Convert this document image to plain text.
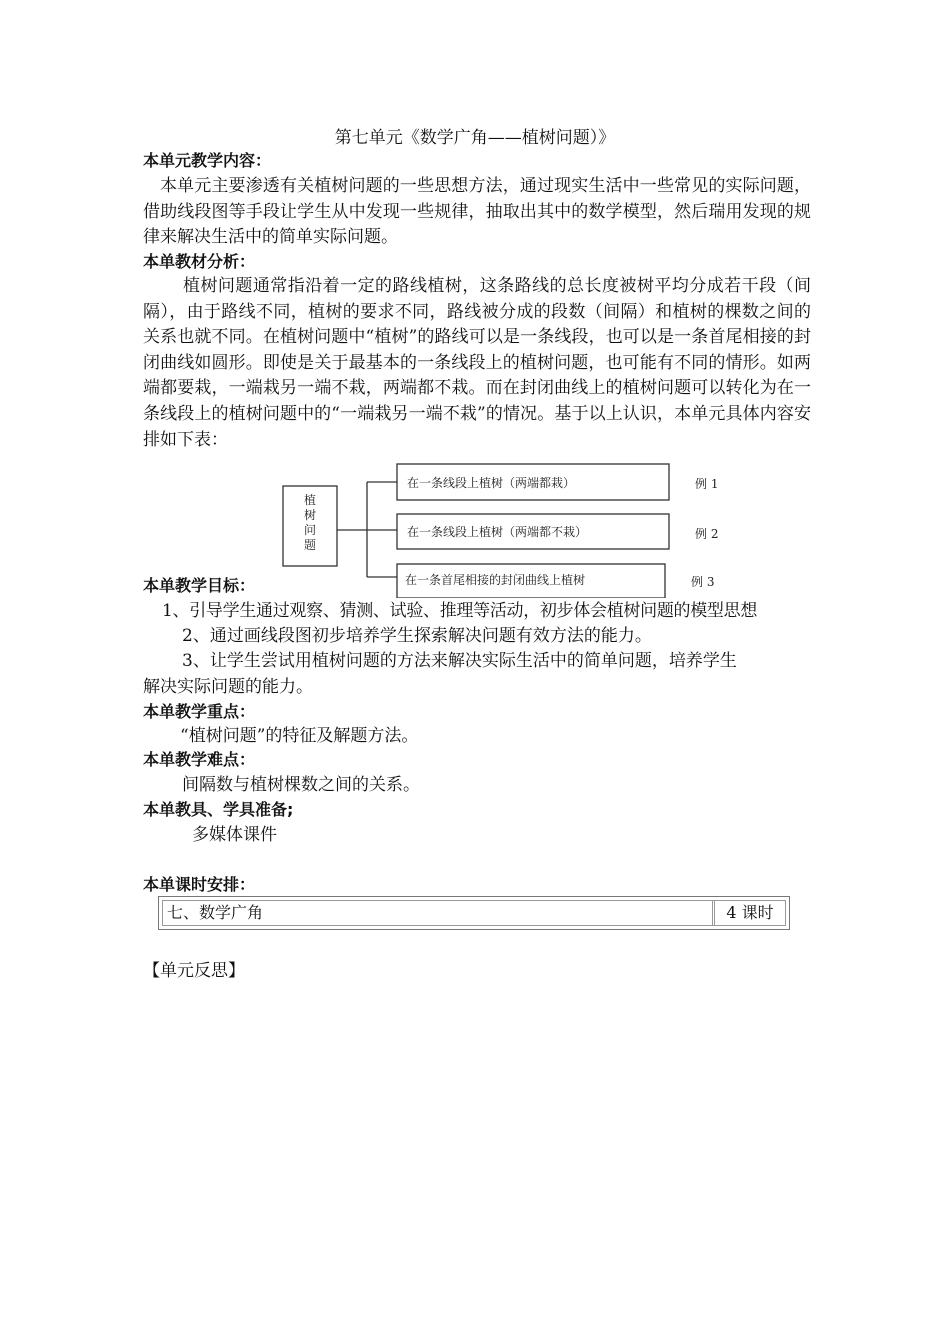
第七单元《数学广角——植树问题）》
本单元教学内容：
本单元主要渗透有关植树问题的一些思想方法，通过现实生活中一些常见的实际问题，借助线段图等手段让学生从中发现一些规律，抽取出其中的数学模型，然后瑞用发现的规律来解决生活中的简单实际问题。
本单教材分析：
植树问题通常指沿着一定的路线植树，这条路线的总长度被树平均分成若干段（间隔），由于路线不同，植树的要求不同，路线被分成的段数（间隔）和植树的棵数之间的关系也就不同。在植树问题中“植树”的路线可以是一条线段，也可以是一条首尾相接的封闭曲线如圆形。即使是关于最基本的一条线段上的植树问题，也可能有不同的情形。如两端都要栽，一端栽另一端不栽，两端都不栽。而在封闭曲线上的植树问题可以转化为在一条线段上的植树问题中的“一端栽另一端不栽”的情况。基于以上认识，本单元具体内容安排如下表：
植
树
问
题
在一条线段上植树（两端都栽）
在一条线段上植树（两端都不栽）
在一条首尾相接的封闭曲线上植树
例 1
例 2
例 3
本单教学目标：
1、引导学生通过观察、猜测、试验、推理等活动，初步体会植树问题的模型思想
2、通过画线段图初步培养学生探索解决问题有效方法的能力。
3、让学生尝试用植树问题的方法来解决实际生活中的简单问题，培养学生
解决实际问题的能力。
本单教学重点：
“植树问题”的特征及解题方法。
本单教学难点：
间隔数与植树棵数之间的关系。
本单教具、学具准备;
多媒体课件
本单课时安排：
七、数学广角	4 课时
【单元反思】
